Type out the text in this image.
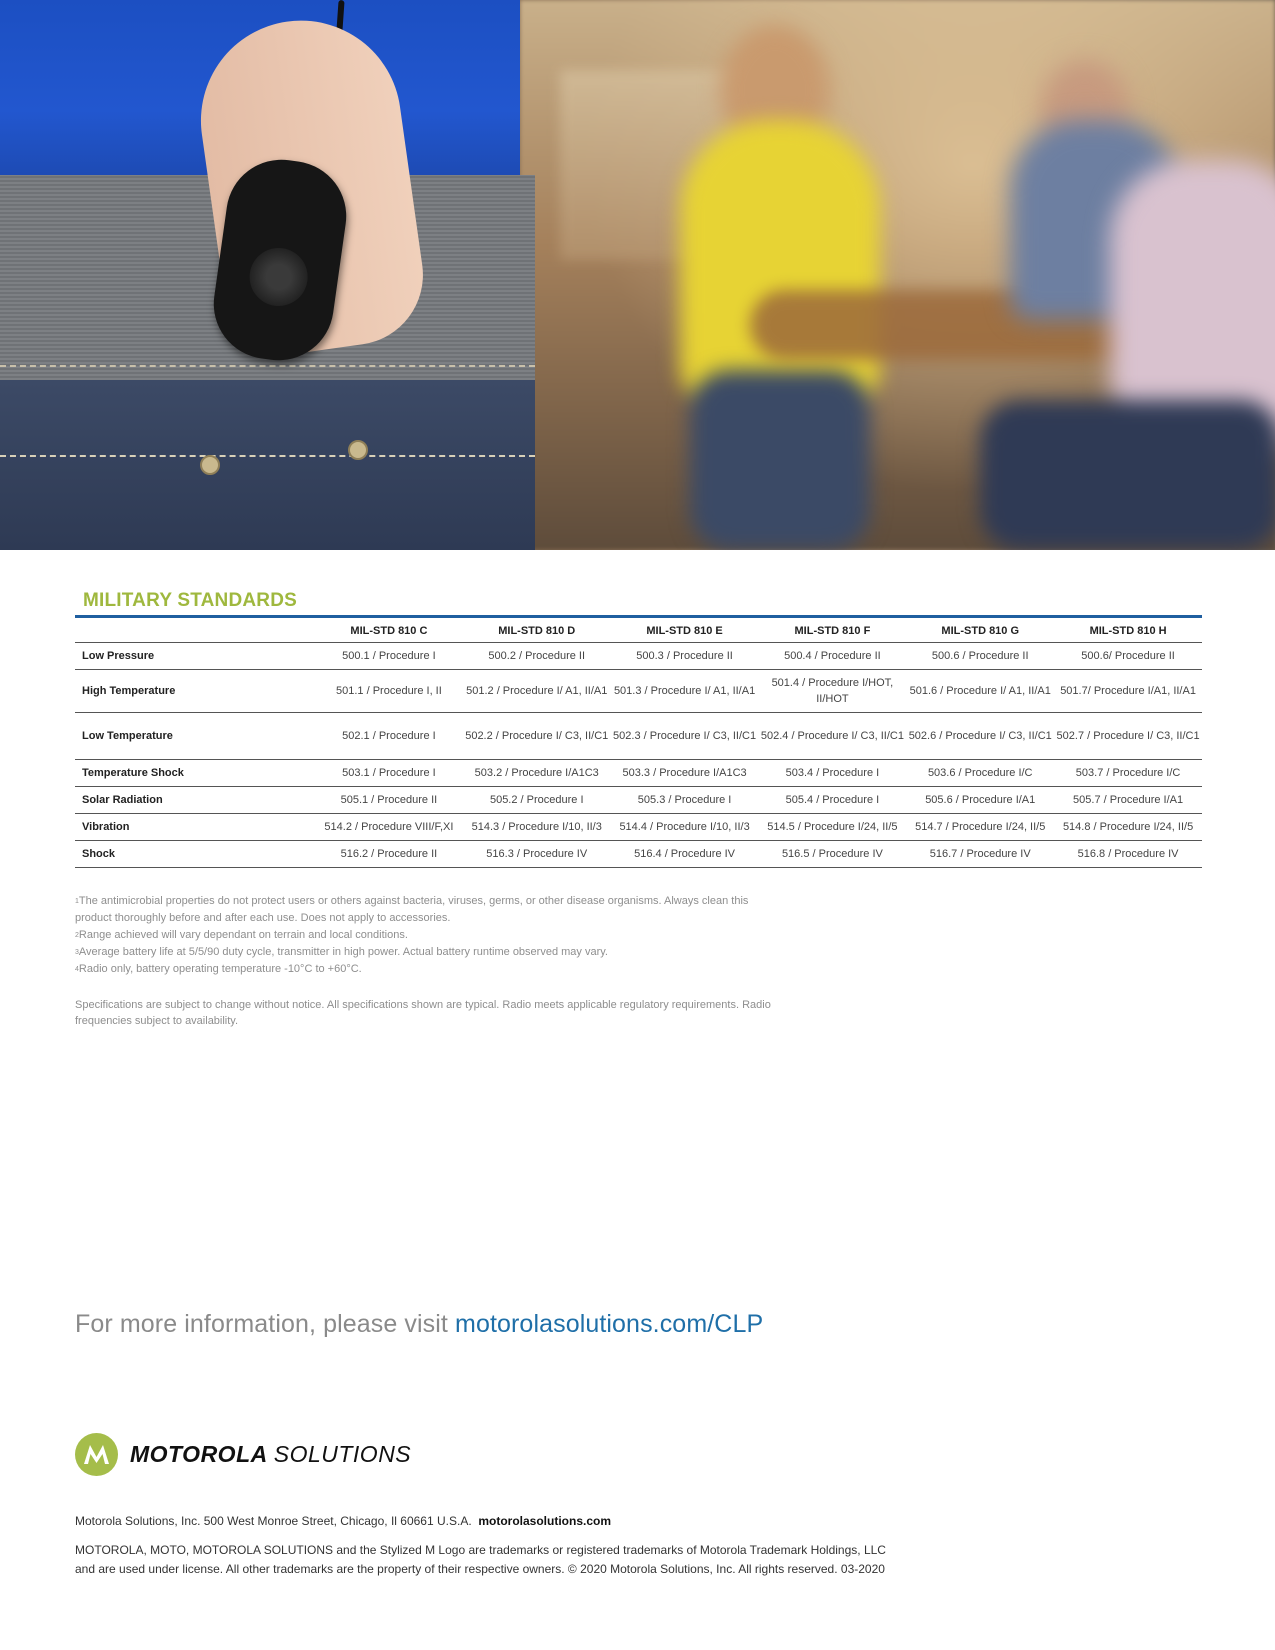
MILITARY STANDARDS
	MIL-STD 810 C	MIL-STD 810 D	MIL-STD 810 E	MIL-STD 810 F	MIL-STD 810 G	MIL-STD 810 H
Low Pressure	500.1 / Procedure I	500.2 / Procedure II	500.3 / Procedure II	500.4 / Procedure II	500.6 / Procedure II	500.6/ Procedure II
High Temperature	501.1 / Procedure I, II	501.2 / Procedure I/ A1, II/A1	501.3 / Procedure I/ A1, II/A1	501.4 / Procedure I/HOT, II/HOT	501.6 / Procedure I/ A1, II/A1	501.7/ Procedure I/A1, II/A1
Low Temperature	502.1 / Procedure I	502.2 / Procedure I/ C3, II/C1	502.3 / Procedure I/ C3, II/C1	502.4 / Procedure I/ C3, II/C1	502.6 / Procedure I/ C3, II/C1	502.7 / Procedure I/ C3, II/C1
Temperature Shock	503.1 / Procedure I	503.2 / Procedure I/A1C3	503.3 / Procedure I/A1C3	503.4 / Procedure I	503.6 / Procedure I/C	503.7 / Procedure I/C
Solar Radiation	505.1 / Procedure II	505.2 / Procedure I	505.3 / Procedure I	505.4 / Procedure I	505.6 / Procedure I/A1	505.7 / Procedure I/A1
Vibration	514.2 / Procedure VIII/F,XI	514.3 / Procedure I/10, II/3	514.4 / Procedure I/10, II/3	514.5 / Procedure I/24, II/5	514.7 / Procedure I/24, II/5	514.8 / Procedure I/24, II/5
Shock	516.2 / Procedure II	516.3 / Procedure IV	516.4 / Procedure IV	516.5 / Procedure IV	516.7 / Procedure IV	516.8 / Procedure IV

$^1$The antimicrobial properties do not protect users or others against bacteria, viruses, germs, or other disease organisms. Always clean this product thoroughly before and after each use. Does not apply to accessories.

$^2$Range achieved will vary dependant on terrain and local conditions.

$^3$Average battery life at 5/5/90 duty cycle, transmitter in high power. Actual battery runtime observed may vary.

$^4$Radio only, battery operating temperature -10°C to +60°C.

Specifications are subject to change without notice. All specifications shown are typical. Radio meets applicable regulatory requirements. Radio frequencies subject to availability.
For more information, please visit motorolasolutions.com/CLP
MOTOROLA SOLUTIONS
Motorola Solutions, Inc. 500 West Monroe Street, Chicago, Il 60661 U.S.A. motorolasolutions.com
MOTOROLA, MOTO, MOTOROLA SOLUTIONS and the Stylized M Logo are trademarks or registered trademarks of Motorola Trademark Holdings, LLC and are used under license. All other trademarks are the property of their respective owners. © 2020 Motorola Solutions, Inc. All rights reserved. 03-2020
